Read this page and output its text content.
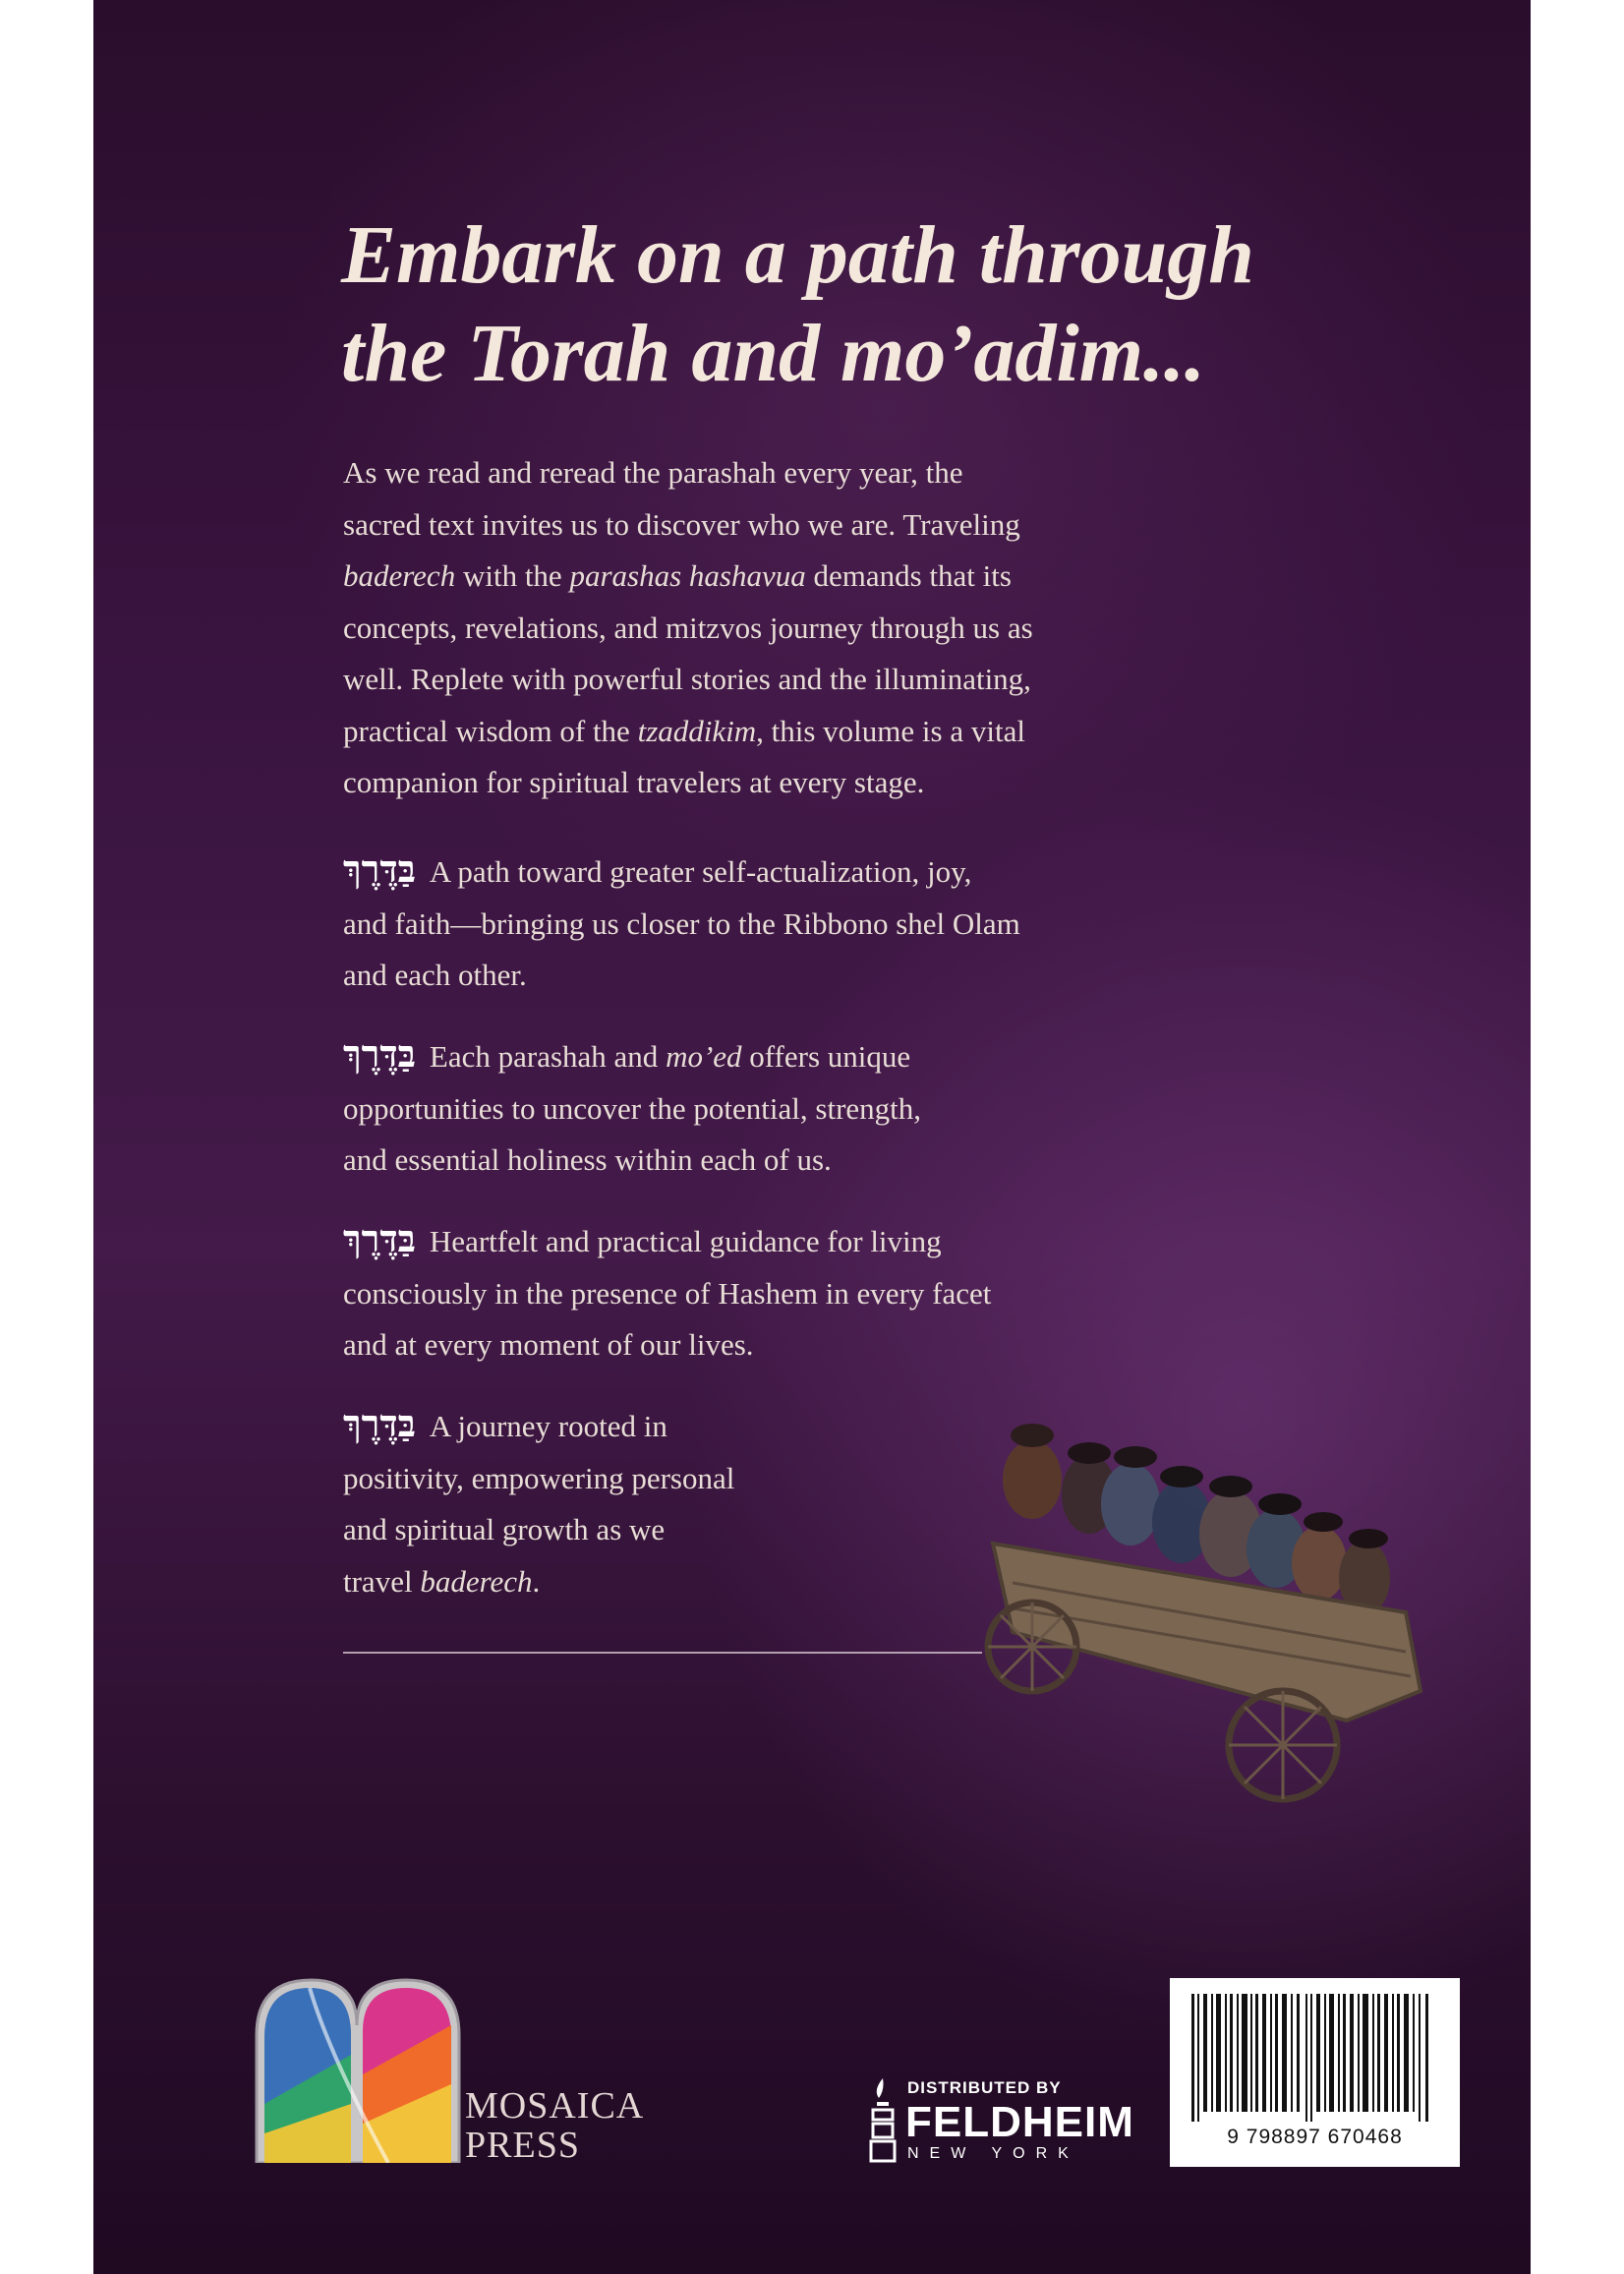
Embark on a path through
the Torah and mo’adim...
As we read and reread the parashah every year, the
sacred text invites us to discover who we are. Traveling
baderech with the parashas hashavua demands that its
concepts, revelations, and mitzvos journey through us as
well. Replete with powerful stories and the illuminating,
practical wisdom of the tzaddikim, this volume is a vital
companion for spiritual travelers at every stage.
בַּדֶּרֶךְ A path toward greater self-actualization, joy,
and faith—bringing us closer to the Ribbono shel Olam
and each other.
בַּדֶּרֶךְ Each parashah and mo’ed offers unique
opportunities to uncover the potential, strength,
and essential holiness within each of us.
בַּדֶּרֶךְ Heartfelt and practical guidance for living
consciously in the presence of Hashem in every facet
and at every moment of our lives.
בַּדֶּרֶךְ A journey rooted in
positivity, empowering personal
and spiritual growth as we
travel baderech.
MOSAICA
PRESS
DISTRIBUTED BY
FELDHEIM
NEW YORK
9 798897 670468
